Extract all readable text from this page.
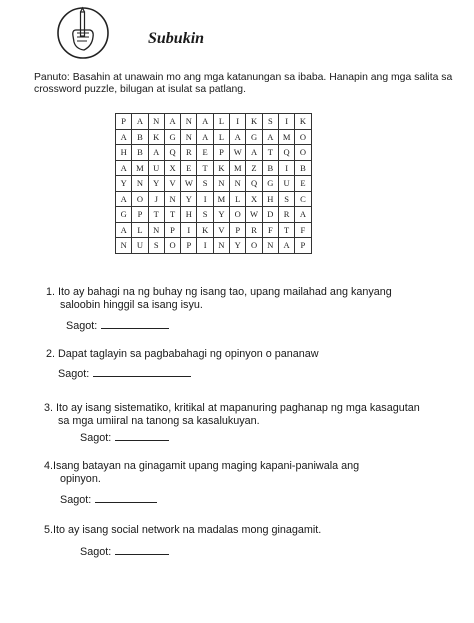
Subukin
Panuto: Basahin at unawain mo ang mga katanungan sa ibaba. Hanapin ang mga salita sa
crossword puzzle, bilugan at isulat sa patlang.
P	A	N	A	N	A	L	I	K	S	I	K
A	B	K	G	N	A	L	A	G	A	M	O
H	B	A	Q	R	E	P	W	A	T	Q	O
A	M	U	X	E	T	K	M	Z	B	I	B
Y	N	Y	V	W	S	N	N	Q	G	U	E
A	O	J	N	Y	I	M	L	X	H	S	C
G	P	T	T	H	S	Y	O	W	D	R	A
A	L	N	P	I	K	V	P	R	F	T	F
N	U	S	O	P	I	N	Y	O	N	A	P
1. Ito ay bahagi na ng buhay ng isang tao, upang mailahad ang kanyang
saloobin hinggil sa isang isyu.
Sagot:
2. Dapat taglayin sa pagbabahagi ng opinyon o pananaw
Sagot:
3. Ito ay isang sistematiko, kritikal at mapanuring paghanap ng mga kasagutan
sa mga umiiral na tanong sa kasalukuyan.
Sagot:
4.Isang batayan na ginagamit upang maging kapani-paniwala ang
opinyon.
Sagot:
5.Ito ay isang social network na madalas mong ginagamit.
Sagot:
